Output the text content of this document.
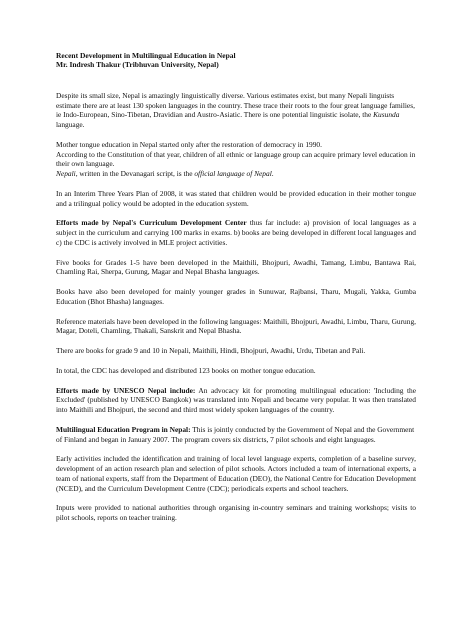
Recent Development in Multilingual Education in Nepal
Mr. Indresh Thakur (Tribhuvan University, Nepal)

Despite its small size, Nepal is amazingly linguistically diverse. Various estimates exist, but many Nepali linguists estimate there are at least 130 spoken languages in the country. These trace their roots to the four great language families, ie Indo-European, Sino-Tibetan, Dravidian and Austro-Asiatic. There is one potential linguistic isolate, the Kusunda language.

Mother tongue education in Nepal started only after the restoration of democracy in 1990.
According to the Constitution of that year, children of all ethnic or language group can acquire primary level education in their own language.
Nepali, written in the Devanagari script, is the official language of Nepal.

In an Interim Three Years Plan of 2008, it was stated that children would be provided education in their mother tongue and a trilingual policy would be adopted in the education system.

Efforts made by Nepal's Curriculum Development Center thus far include: a) provision of local languages as a subject in the curriculum and carrying 100 marks in exams. b) books are being developed in different local languages and c) the CDC is actively involved in MLE project activities.

Five books for Grades 1-5 have been developed in the Maithili, Bhojpuri, Awadhi, Tamang, Limbu, Bantawa Rai, Chamling Rai, Sherpa, Gurung, Magar and Nepal Bhasha languages.

Books have also been developed for mainly younger grades in Sunuwar, Rajbansi, Tharu, Mugali, Yakka, Gumba Education (Bhot Bhasha) languages.

Reference materials have been developed in the following languages: Maithili, Bhojpuri, Awadhi, Limbu, Tharu, Gurung, Magar, Doteli, Chamling, Thakali, Sanskrit and Nepal Bhasha.

There are books for grade 9 and 10 in Nepali, Maithili, Hindi, Bhojpuri, Awadhi, Urdu, Tibetan and Pali.

In total, the CDC has developed and distributed 123 books on mother tongue education.

Efforts made by UNESCO Nepal include: An advocacy kit for promoting multilingual education: 'Including the Excluded' (published by UNESCO Bangkok) was translated into Nepali and became very popular. It was then translated into Maithili and Bhojpuri, the second and third most widely spoken languages of the country.

Multilingual Education Program in Nepal: This is jointly conducted by the Government of Nepal and the Government of Finland and began in January 2007. The program covers six districts, 7 pilot schools and eight languages.

Early activities included the identification and training of local level language experts, completion of a baseline survey, development of an action research plan and selection of pilot schools. Actors included a team of international experts, a team of national experts, staff from the Department of Education (DEO), the National Centre for Education Development (NCED), and the Curriculum Development Centre (CDC); periodicals experts and school teachers.

Inputs were provided to national authorities through organising in-country seminars and training workshops; visits to pilot schools, reports on teacher training.
